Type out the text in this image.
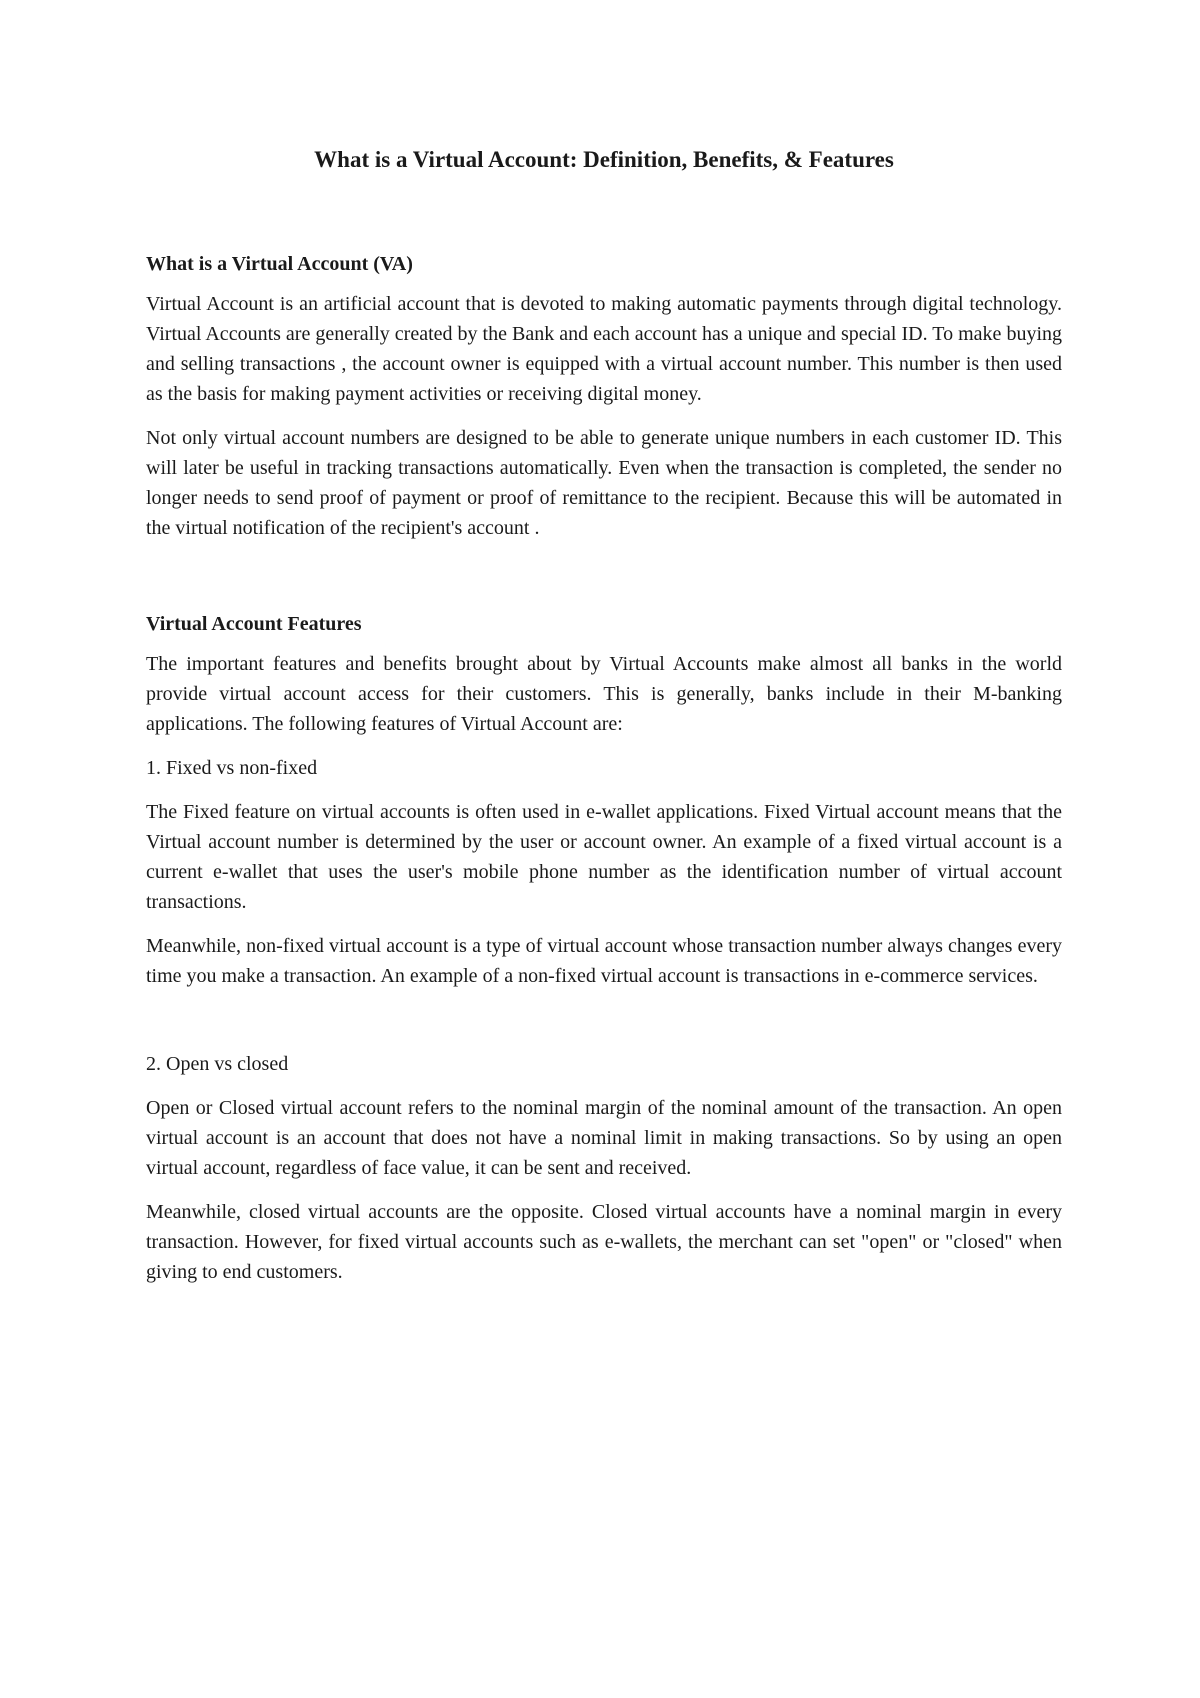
What is a Virtual Account: Definition, Benefits, & Features
What is a Virtual Account (VA)

Virtual Account is an artificial account that is devoted to making automatic payments through digital technology. Virtual Accounts are generally created by the Bank and each account has a unique and special ID. To make buying and selling transactions , the account owner is equipped with a virtual account number. This number is then used as the basis for making payment activities or receiving digital money.

Not only virtual account numbers are designed to be able to generate unique numbers in each customer ID. This will later be useful in tracking transactions automatically. Even when the transaction is completed, the sender no longer needs to send proof of payment or proof of remittance to the recipient. Because this will be automated in the virtual notification of the recipient's account .

Virtual Account Features

The important features and benefits brought about by Virtual Accounts make almost all banks in the world provide virtual account access for their customers. This is generally, banks include in their M-banking applications. The following features of Virtual Account are:

1. Fixed vs non-fixed

The Fixed feature on virtual accounts is often used in e-wallet applications. Fixed Virtual account means that the Virtual account number is determined by the user or account owner. An example of a fixed virtual account is a current e-wallet that uses the user's mobile phone number as the identification number of virtual account transactions.

Meanwhile, non-fixed virtual account is a type of virtual account whose transaction number always changes every time you make a transaction. An example of a non-fixed virtual account is transactions in e-commerce services.

2. Open vs closed

Open or Closed virtual account refers to the nominal margin of the nominal amount of the transaction. An open virtual account is an account that does not have a nominal limit in making transactions. So by using an open virtual account, regardless of face value, it can be sent and received.

Meanwhile, closed virtual accounts are the opposite. Closed virtual accounts have a nominal margin in every transaction. However, for fixed virtual accounts such as e-wallets, the merchant can set "open" or "closed" when giving to end customers.
